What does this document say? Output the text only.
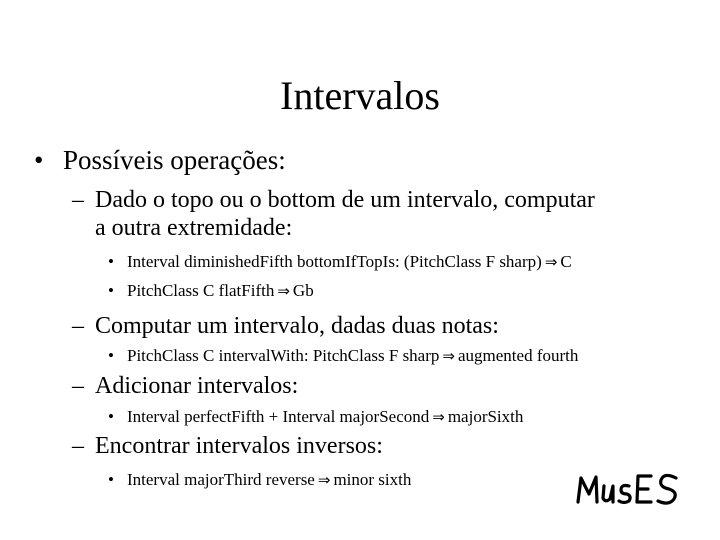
Intervalos
• Possíveis operações:
– Dado o topo ou o bottom de um intervalo, computar
a outra extremidade:
• Interval diminishedFifth bottomIfTopIs: (PitchClass F sharp) ⇒ C
• PitchClass C flatFifth ⇒ Gb
– Computar um intervalo, dadas duas notas:
• PitchClass C intervalWith: PitchClass F sharp ⇒ augmented fourth
– Adicionar intervalos:
• Interval perfectFifth + Interval majorSecond ⇒ majorSixth
– Encontrar intervalos inversos:
• Interval majorThird reverse ⇒ minor sixth
